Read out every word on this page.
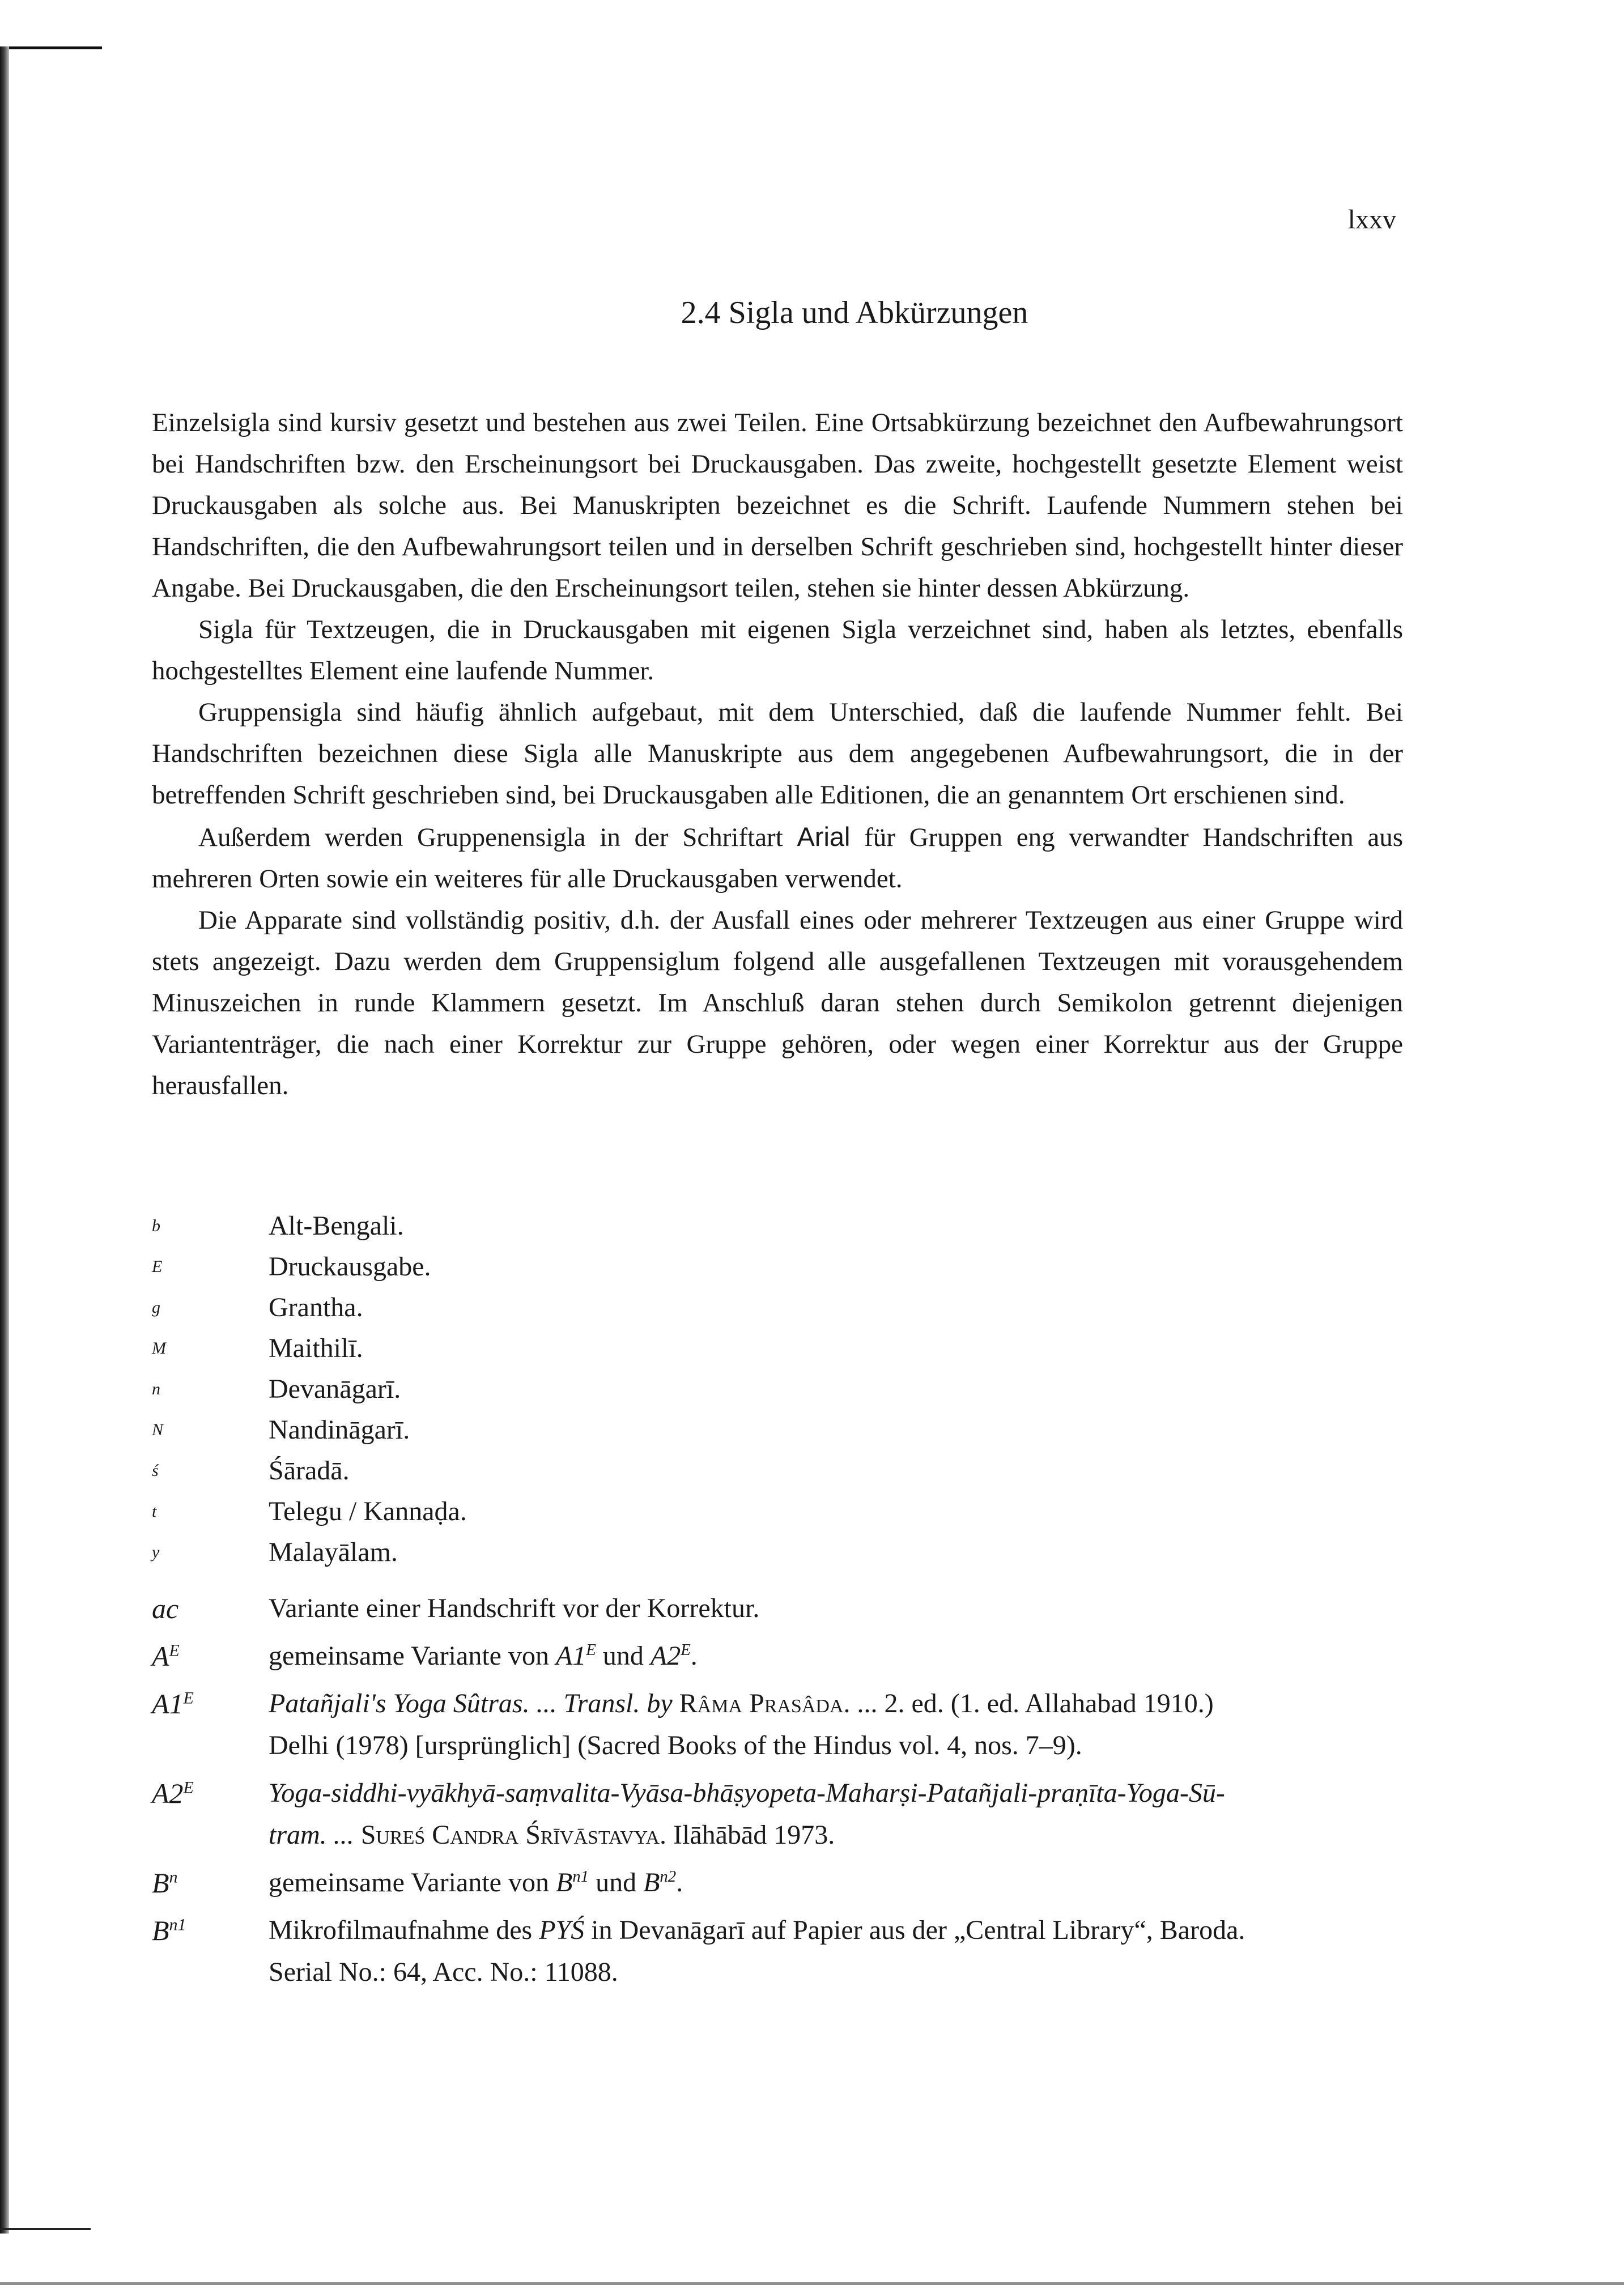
lxxv
2.4 Sigla und Abkürzungen

Einzelsigla sind kursiv gesetzt und bestehen aus zwei Teilen. Eine Ortsabkürzung bezeichnet den Aufbewahrungsort bei Handschriften bzw. den Erscheinungsort bei Druckausgaben. Das zweite, hochgestellt gesetzte Element weist Druckausgaben als solche aus. Bei Manuskripten bezeichnet es die Schrift. Laufende Nummern stehen bei Handschriften, die den Aufbewahrungsort teilen und in derselben Schrift geschrieben sind, hochgestellt hinter dieser Angabe. Bei Druckausgaben, die den Erscheinungsort teilen, stehen sie hinter dessen Abkürzung.

Sigla für Textzeugen, die in Druckausgaben mit eigenen Sigla verzeichnet sind, haben als letztes, ebenfalls hochgestelltes Element eine laufende Nummer.

Gruppensigla sind häufig ähnlich aufgebaut, mit dem Unterschied, daß die laufende Nummer fehlt. Bei Handschriften bezeichnen diese Sigla alle Manuskripte aus dem angegebenen Aufbewahrungsort, die in der betreffenden Schrift geschrieben sind, bei Druckausgaben alle Editionen, die an genanntem Ort erschienen sind.

Außerdem werden Gruppenensigla in der Schriftart Arial für Gruppen eng verwandter Handschriften aus mehreren Orten sowie ein weiteres für alle Druckausgaben verwendet.

Die Apparate sind vollständig positiv, d.h. der Ausfall eines oder mehrerer Textzeugen aus einer Gruppe wird stets angezeigt. Dazu werden dem Gruppensiglum folgend alle ausgefallenen Textzeugen mit vorausgehendem Minuszeichen in runde Klammern gesetzt. Im Anschluß daran stehen durch Semikolon getrennt diejenigen Variantenträger, die nach einer Korrektur zur Gruppe gehören, oder wegen einer Korrektur aus der Gruppe herausfallen.

b	Alt-Bengali.
E	Druckausgabe.
g	Grantha.
M	Maithilī.
n	Devanāgarī.
N	Nandināgarī.
ś	Śāradā.
t	Telegu / Kannaḍa.
y	Malayālam.
ac	Variante einer Handschrift vor der Korrektur.
$A^E$	gemeinsame Variante von $A1^E$ und $A2^E$.
$A1^E$	Patañjali's Yoga Sûtras. ... Transl. by Râma Prasâda. ... 2. ed. (1. ed. Allahabad 1910.)
Delhi (1978) [ursprünglich] (Sacred Books of the Hindus vol. 4, nos. 7–9).
$A2^E$	Yoga-siddhi-vyākhyā-saṃvalita-Vyāsa-bhāṣyopeta-Maharṣi-Patañjali-praṇīta-Yoga-Sū-
tram. ... Sureś Candra Śrīvāstavya. Ilāhābād 1973.
$B^n$	gemeinsame Variante von $B^{n1}$ und $B^{n2}$.
$B^{n1}$	Mikrofilmaufnahme des PYŚ in Devanāgarī auf Papier aus der „Central Library“, Baroda.
Serial No.: 64, Acc. No.: 11088.
